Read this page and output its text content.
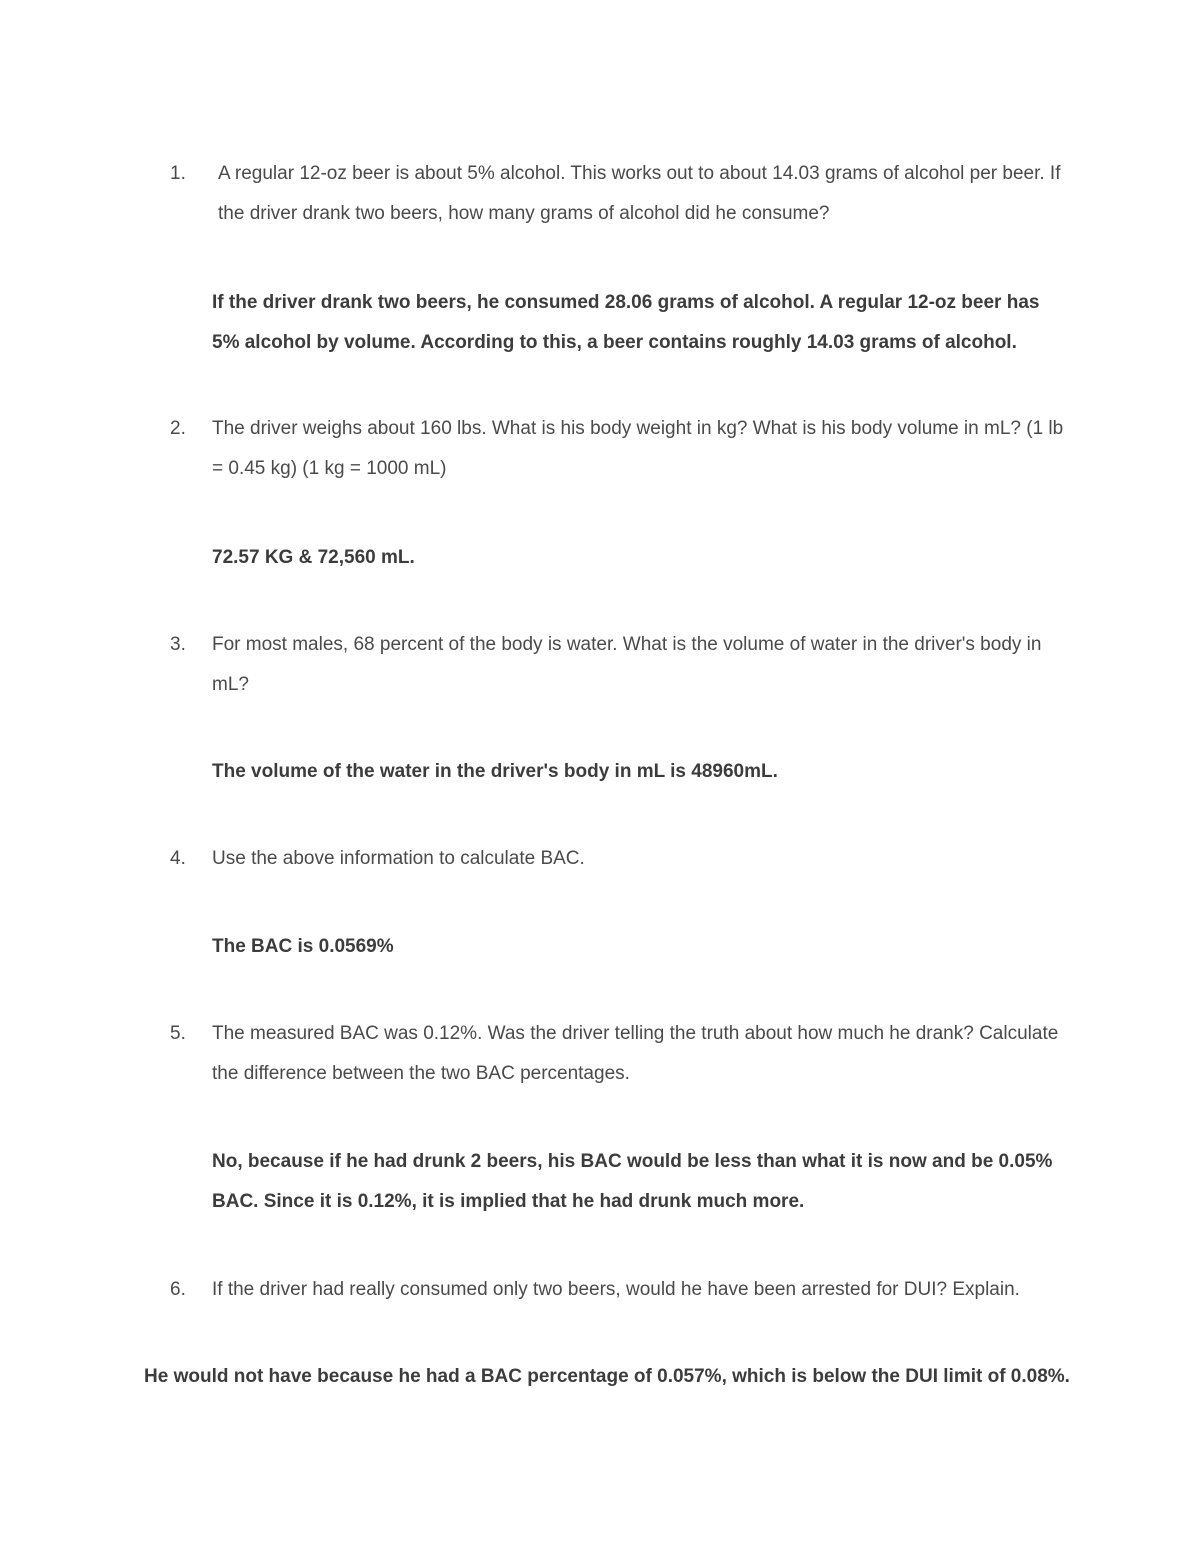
1.	A regular 12-oz beer is about 5% alcohol. This works out to about 14.03 grams of alcohol per beer. If the driver drank two beers, how many grams of alcohol did he consume?
If the driver drank two beers, he consumed 28.06 grams of alcohol. A regular 12-oz beer has 5% alcohol by volume. According to this, a beer contains roughly 14.03 grams of alcohol.
2.	The driver weighs about 160 lbs. What is his body weight in kg? What is his body volume in mL? (1 lb = 0.45 kg) (1 kg = 1000 mL)
72.57 KG & 72,560 mL.
3.	For most males, 68 percent of the body is water. What is the volume of water in the driver's body in mL?
The volume of the water in the driver's body in mL is 48960mL.
4.	Use the above information to calculate BAC.
The BAC is 0.0569%
5.	The measured BAC was 0.12%. Was the driver telling the truth about how much he drank? Calculate the difference between the two BAC percentages.
No, because if he had drunk 2 beers, his BAC would be less than what it is now and be 0.05% BAC. Since it is 0.12%, it is implied that he had drunk much more.
6.	If the driver had really consumed only two beers, would he have been arrested for DUI? Explain.
He would not have because he had a BAC percentage of 0.057%, which is below the DUI limit of 0.08%.
